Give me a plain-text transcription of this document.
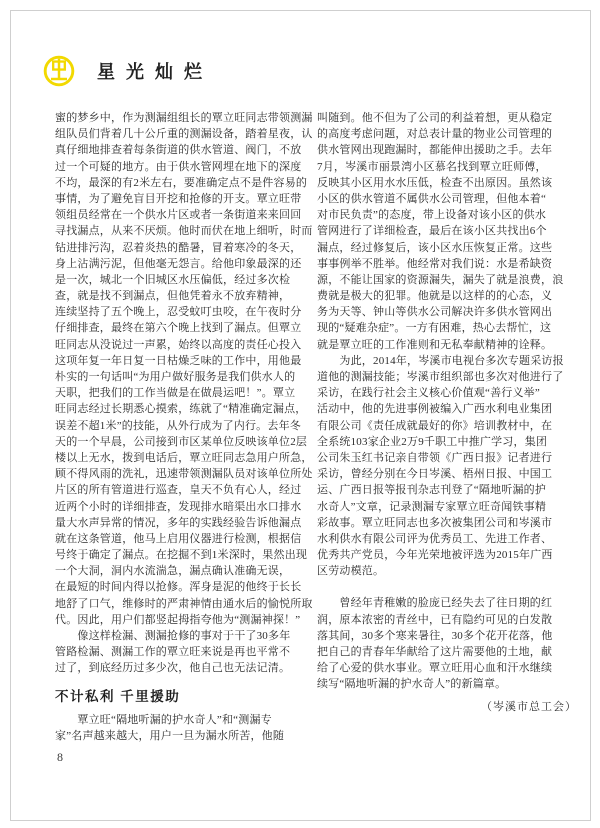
星光灿烂
蜜的梦乡中，作为测漏组组长的覃立旺同志带领测漏
组队员们背着几十公斤重的测漏设备，踏着星夜，认
真仔细地排查着每条街道的供水管道、阀门，不放
过一个可疑的地方。由于供水管网埋在地下的深度
不均，最深的有2米左右，要准确定点不是件容易的
事情，为了避免盲目开挖和抢修的开支。覃立旺带
领组员经常在一个供水片区或者一条街道来来回回
寻找漏点，从来不厌烦。他时而伏在地上细听，时而
钻进排污沟，忍着炎热的酷暑，冒着寒冷的冬天，
身上沾满污泥，但他毫无怨言。给他印象最深的还
是一次，城北一个旧城区水压偏低，经过多次检
查，就是找不到漏点，但他凭着永不放弃精神，
连续坚持了五个晚上，忍受蚊叮虫咬，在午夜时分
仔细排查，最终在第六个晚上找到了漏点。但覃立
旺同志从没说过一声累，始终以高度的责任心投入
这项年复一年日复一日枯燥乏味的工作中，用他最
朴实的一句话叫“为用户做好服务是我们供水人的
天职，把我们的工作当做是在做晨运吧！”。覃立
旺同志经过长期悉心摸索，练就了“精准确定漏点，
误差不超1米”的技能，从外行成为了内行。去年冬
天的一个早晨，公司接到市区某单位反映该单位2层
楼以上无水，拨到电话后，覃立旺同志急用户所急，
顾不得风雨的洗礼，迅速带领测漏队员对该单位所处
片区的所有管道进行巡查，皇天不负有心人，经过
近两个小时的详细排查，发现排水暗渠出水口排水
量大水声异常的情况，多年的实践经验告诉他漏点
就在这条管道，他马上启用仪器进行检测，根据信
号终于确定了漏点。在挖掘不到1米深时，果然出现
一个大洞，洞内水流湍急，漏点确认准确无误，
在最短的时间内得以抢修。浑身是泥的他终于长长
地舒了口气，维修时的严肃神情由通水后的愉悦所取
代。因此，用户们都竖起拇指夸他为“测漏神探！”
　　像这样检漏、测漏抢修的事对于干了30多年
管路检漏、测漏工作的覃立旺来说是再也平常不
过了，到底经历过多少次，他自己也无法记清。
不计私利 千里援助
　　覃立旺“隔地听漏的护水奇人”和“测漏专
家”名声越来越大，用户一旦为漏水所苦，他随
叫随到。他不但为了公司的利益着想，更从稳定
的高度考虑问题，对总表计量的物业公司管理的
供水管网出现跑漏时，都能伸出援助之手。去年
7月，岑溪市丽景湾小区慕名找到覃立旺师傅，
反映其小区用水水压低，检查不出原因。虽然该
小区的供水管道不属供水公司管理，但他本着“
对市民负责”的态度，带上设备对该小区的供水
管网进行了详细检查，最后在该小区共找出6个
漏点，经过修复后，该小区水压恢复正常。这些
事事例举不胜举。他经常对我们说：水是希缺资
源，不能让国家的资源漏失，漏失了就是浪费，浪
费就是极大的犯罪。他就是以这样的的心态，义
务为天等、钟山等供水公司解决许多供水管网出
现的“疑难杂症”。一方有困难，热心去帮忙，这
就是覃立旺的工作准则和无私奉献精神的诠释。
　　为此，2014年，岑溪市电视台多次专题采访报
道他的测漏技能；岑溪市组织部也多次对他进行了
采访，在践行社会主义核心价值观“善行义举”
活动中，他的先进事例被编入广西水利电业集团
有限公司《责任成就最好的你》培训教材中，在
全系统103家企业2万9千职工中推广学习，集团
公司朱玉红书记亲自带领《广西日报》记者进行
采访，曾经分别在今日岑溪、梧州日报、中国工
运、广西日报等报刊杂志刊登了“隔地听漏的护
水奇人”文章，记录测漏专家覃立旺奇闻铁事精
彩故事。覃立旺同志也多次被集团公司和岑溪市
水利供水有限公司评为优秀员工、先进工作者、
优秀共产党员，今年光荣地被评选为2015年广西
区劳动模范。
　　曾经年青稚嫩的脸庞已经失去了往日期的红
润，原本浓密的青丝中，已有隐约可见的白发散
落其间，30多个寒来暑往，30多个花开花落，他
把自己的青春年华献给了这片需要他的土地，献
给了心爱的供水事业。覃立旺用心血和汗水继续
续写“隔地听漏的护水奇人”的新篇章。
（岑溪市总工会）
8
